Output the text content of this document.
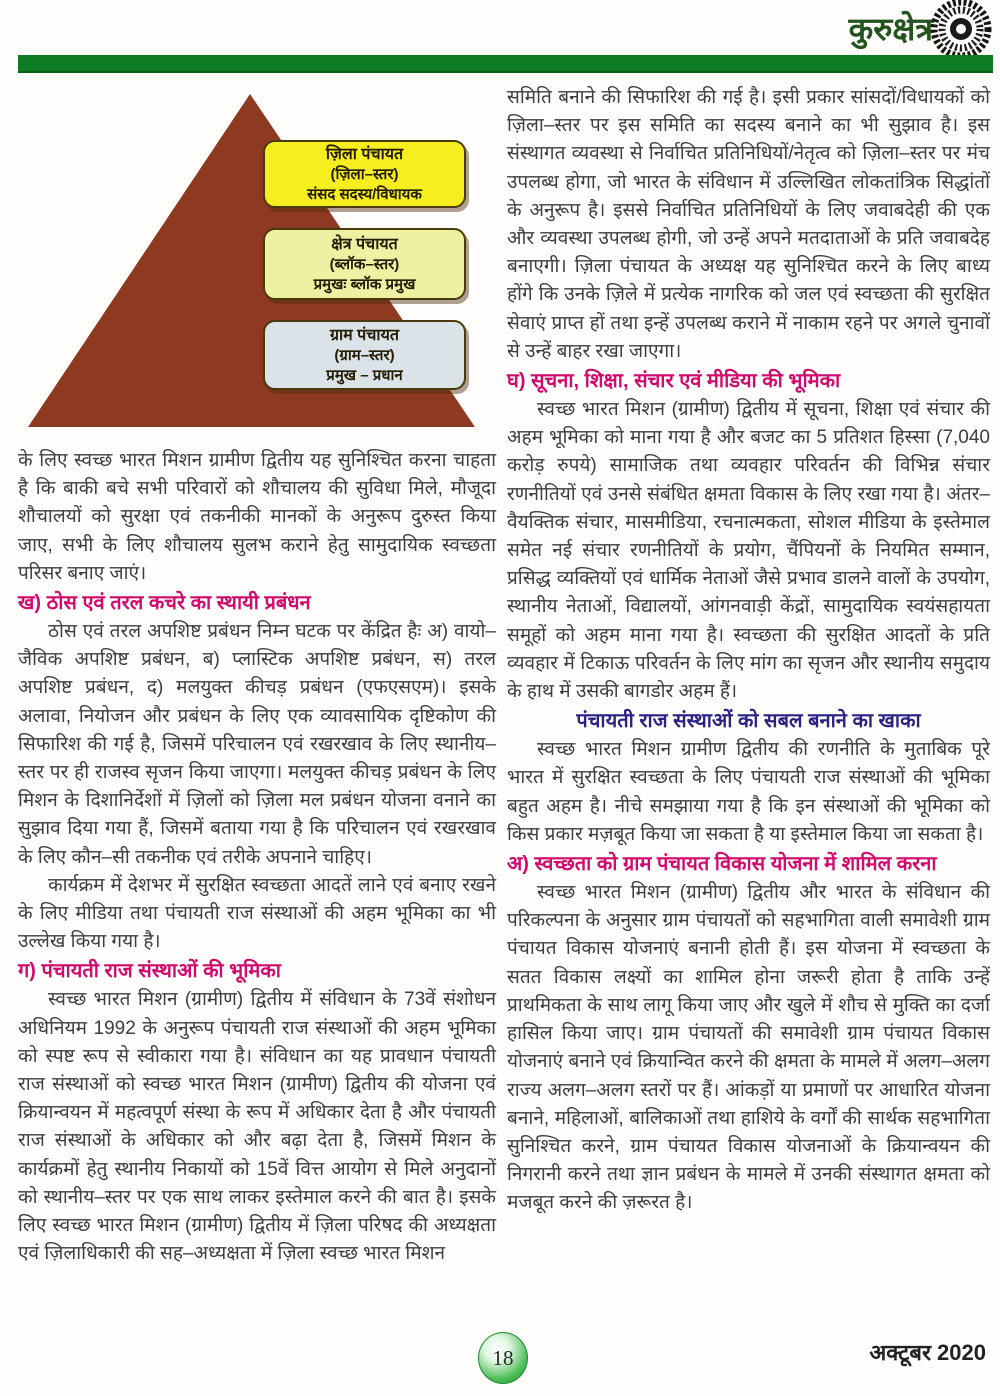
कुरुक्षेत्र
ज़िला पंचायत
(ज़िला–स्तर)
संसद सदस्य/विधायक
क्षेत्र पंचायत
(ब्लॉक–स्तर)
प्रमुखः ब्लॉक प्रमुख
ग्राम पंचायत
(ग्राम–स्तर)
प्रमुख – प्रधान

के लिए स्वच्छ भारत मिशन ग्रामीण द्वितीय यह सुनिश्चित करना चाहता है कि बाकी बचे सभी परिवारों को शौचालय की सुविधा मिले, मौजूदा शौचालयों को सुरक्षा एवं तकनीकी मानकों के अनुरूप दुरुस्त किया जाए, सभी के लिए शौचालय सुलभ कराने हेतु सामुदायिक स्वच्छता परिसर बनाए जाएं।

ख) ठोस एवं तरल कचरे का स्थायी प्रबंधन

ठोस एवं तरल अपशिष्ट प्रबंधन निम्न घटक पर केंद्रित हैः अ) वायो–जैविक अपशिष्ट प्रबंधन, ब) प्लास्टिक अपशिष्ट प्रबंधन, स) तरल अपशिष्ट प्रबंधन, द) मलयुक्त कीचड़ प्रबंधन (एफएसएम)। इसके अलावा, नियोजन और प्रबंधन के लिए एक व्यावसायिक दृष्टिकोण की सिफारिश की गई है, जिसमें परिचालन एवं रखरखाव के लिए स्थानीय–स्तर पर ही राजस्व सृजन किया जाएगा। मलयुक्त कीचड़ प्रबंधन के लिए मिशन के दिशानिर्देशों में ज़िलों को ज़िला मल प्रबंधन योजना वनाने का सुझाव दिया गया हैं, जिसमें बताया गया है कि परिचालन एवं रखरखाव के लिए कौन–सी तकनीक एवं तरीके अपनाने चाहिए।

कार्यक्रम में देशभर में सुरक्षित स्वच्छता आदतें लाने एवं बनाए रखने के लिए मीडिया तथा पंचायती राज संस्थाओं की अहम भूमिका का भी उल्लेख किया गया है।

ग) पंचायती राज संस्थाओं की भूमिका

स्वच्छ भारत मिशन (ग्रामीण) द्वितीय में संविधान के 73वें संशोधन अधिनियम 1992 के अनुरूप पंचायती राज संस्थाओं की अहम भूमिका को स्पष्ट रूप से स्वीकारा गया है। संविधान का यह प्रावधान पंचायती राज संस्थाओं को स्वच्छ भारत मिशन (ग्रामीण) द्वितीय की योजना एवं क्रियान्वयन में महत्वपूर्ण संस्था के रूप में अधिकार देता है और पंचायती राज संस्थाओं के अधिकार को और बढ़ा देता है, जिसमें मिशन के कार्यक्रमों हेतु स्थानीय निकायों को 15वें वित्त आयोग से मिले अनुदानों को स्थानीय–स्तर पर एक साथ लाकर इस्तेमाल करने की बात है। इसके लिए स्वच्छ भारत मिशन (ग्रामीण) द्वितीय में ज़िला परिषद की अध्यक्षता एवं ज़िलाधिकारी की सह–अध्यक्षता में ज़िला स्वच्छ भारत मिशन

समिति बनाने की सिफारिश की गई है। इसी प्रकार सांसदों/विधायकों को ज़िला–स्तर पर इस समिति का सदस्य बनाने का भी सुझाव है। इस संस्थागत व्यवस्था से निर्वाचित प्रतिनिधियों/नेतृत्व को ज़िला–स्तर पर मंच उपलब्ध होगा, जो भारत के संविधान में उल्लिखित लोकतांत्रिक सिद्धांतों के अनुरूप है। इससे निर्वाचित प्रतिनिधियों के लिए जवाबदेही की एक और व्यवस्था उपलब्ध होगी, जो उन्हें अपने मतदाताओं के प्रति जवाबदेह बनाएगी। ज़िला पंचायत के अध्यक्ष यह सुनिश्चित करने के लिए बाध्य होंगे कि उनके ज़िले में प्रत्येक नागरिक को जल एवं स्वच्छता की सुरक्षित सेवाएं प्राप्त हों तथा इन्हें उपलब्ध कराने में नाकाम रहने पर अगले चुनावों से उन्हें बाहर रखा जाएगा।

घ) सूचना, शिक्षा, संचार एवं मीडिया की भूमिका

स्वच्छ भारत मिशन (ग्रामीण) द्वितीय में सूचना, शिक्षा एवं संचार की अहम भूमिका को माना गया है और बजट का 5 प्रतिशत हिस्सा (7,040 करोड़ रुपये) सामाजिक तथा व्यवहार परिवर्तन की विभिन्न संचार रणनीतियों एवं उनसे संबंधित क्षमता विकास के लिए रखा गया है। अंतर–वैयक्तिक संचार, मासमीडिया, रचनात्मकता, सोशल मीडिया के इस्तेमाल समेत नई संचार रणनीतियों के प्रयोग, चैंपियनों के नियमित सम्मान, प्रसिद्ध व्यक्तियों एवं धार्मिक नेताओं जैसे प्रभाव डालने वालों के उपयोग, स्थानीय नेताओं, विद्यालयों, आंगनवाड़ी केंद्रों, सामुदायिक स्वयंसहायता समूहों को अहम माना गया है। स्वच्छता की सुरक्षित आदतों के प्रति व्यवहार में टिकाऊ परिवर्तन के लिए मांग का सृजन और स्थानीय समुदाय के हाथ में उसकी बागडोर अहम हैं।

पंचायती राज संस्थाओं को सबल बनाने का खाका

स्वच्छ भारत मिशन ग्रामीण द्वितीय की रणनीति के मुताबिक पूरे भारत में सुरक्षित स्वच्छता के लिए पंचायती राज संस्थाओं की भूमिका बहुत अहम है। नीचे समझाया गया है कि इन संस्थाओं की भूमिका को किस प्रकार मज़बूत किया जा सकता है या इस्तेमाल किया जा सकता है।

अ) स्वच्छता को ग्राम पंचायत विकास योजना में शामिल करना

स्वच्छ भारत मिशन (ग्रामीण) द्वितीय और भारत के संविधान की परिकल्पना के अनुसार ग्राम पंचायतों को सहभागिता वाली समावेशी ग्राम पंचायत विकास योजनाएं बनानी होती हैं। इस योजना में स्वच्छता के सतत विकास लक्ष्यों का शामिल होना जरूरी होता है ताकि उन्हें प्राथमिकता के साथ लागू किया जाए और खुले में शौच से मुक्ति का दर्जा हासिल किया जाए। ग्राम पंचायतों की समावेशी ग्राम पंचायत विकास योजनाएं बनाने एवं क्रियान्वित करने की क्षमता के मामले में अलग–अलग राज्य अलग–अलग स्तरों पर हैं। आंकड़ों या प्रमाणों पर आधारित योजना बनाने, महिलाओं, बालिकाओं तथा हाशिये के वर्गों की सार्थक सहभागिता सुनिश्चित करने, ग्राम पंचायत विकास योजनाओं के क्रियान्वयन की निगरानी करने तथा ज्ञान प्रबंधन के मामले में उनकी संस्थागत क्षमता को मजबूत करने की ज़रूरत है।

18	अक्टूबर 2020
